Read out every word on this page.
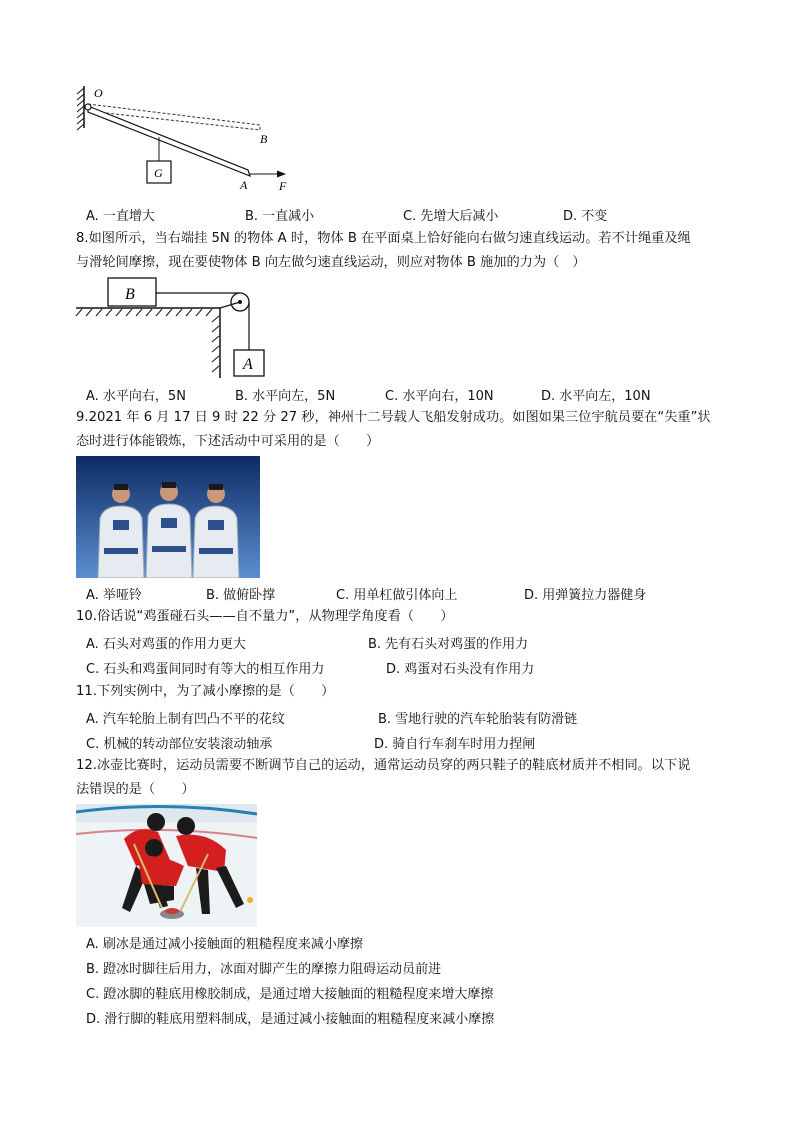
O
B
G
A	F
A. 一直增大	B. 一直减小	C. 先增大后减小	D. 不变
8.如图所示，当右端挂 5N 的物体 A 时，物体 B 在平面桌上恰好能向右做匀速直线运动。若不计绳重及绳
与滑轮间摩擦，现在要使物体 B 向左做匀速直线运动，则应对物体 B 施加的力为（　）
B
A
A. 水平向右，5N	B. 水平向左，5N	C. 水平向右，10N	D. 水平向左，10N
9.2021 年 6 月 17 日 9 时 22 分 27 秒，神州十二号载人飞船发射成功。如图如果三位宇航员要在“失重”状
态时进行体能锻炼，下述活动中可采用的是（　　）
A. 举哑铃	B. 做俯卧撑	C. 用单杠做引体向上	D. 用弹簧拉力器健身
10.俗话说“鸡蛋碰石头——自不量力”，从物理学角度看（　　）
A. 石头对鸡蛋的作用力更大	B. 先有石头对鸡蛋的作用力
C. 石头和鸡蛋间同时有等大的相互作用力	D. 鸡蛋对石头没有作用力
11.下列实例中，为了减小摩擦的是（　　）
A. 汽车轮胎上制有凹凸不平的花纹	B. 雪地行驶的汽车轮胎装有防滑链
C. 机械的转动部位安装滚动轴承	D. 骑自行车刹车时用力捏闸
12.冰壶比赛时，运动员需要不断调节自己的运动，通常运动员穿的两只鞋子的鞋底材质并不相同。以下说
法错误的是（　　）
A. 刷冰是通过减小接触面的粗糙程度来减小摩擦
B. 蹬冰时脚往后用力，冰面对脚产生的摩擦力阻碍运动员前进
C. 蹬冰脚的鞋底用橡胶制成，是通过增大接触面的粗糙程度来增大摩擦
D. 滑行脚的鞋底用塑料制成，是通过减小接触面的粗糙程度来减小摩擦
